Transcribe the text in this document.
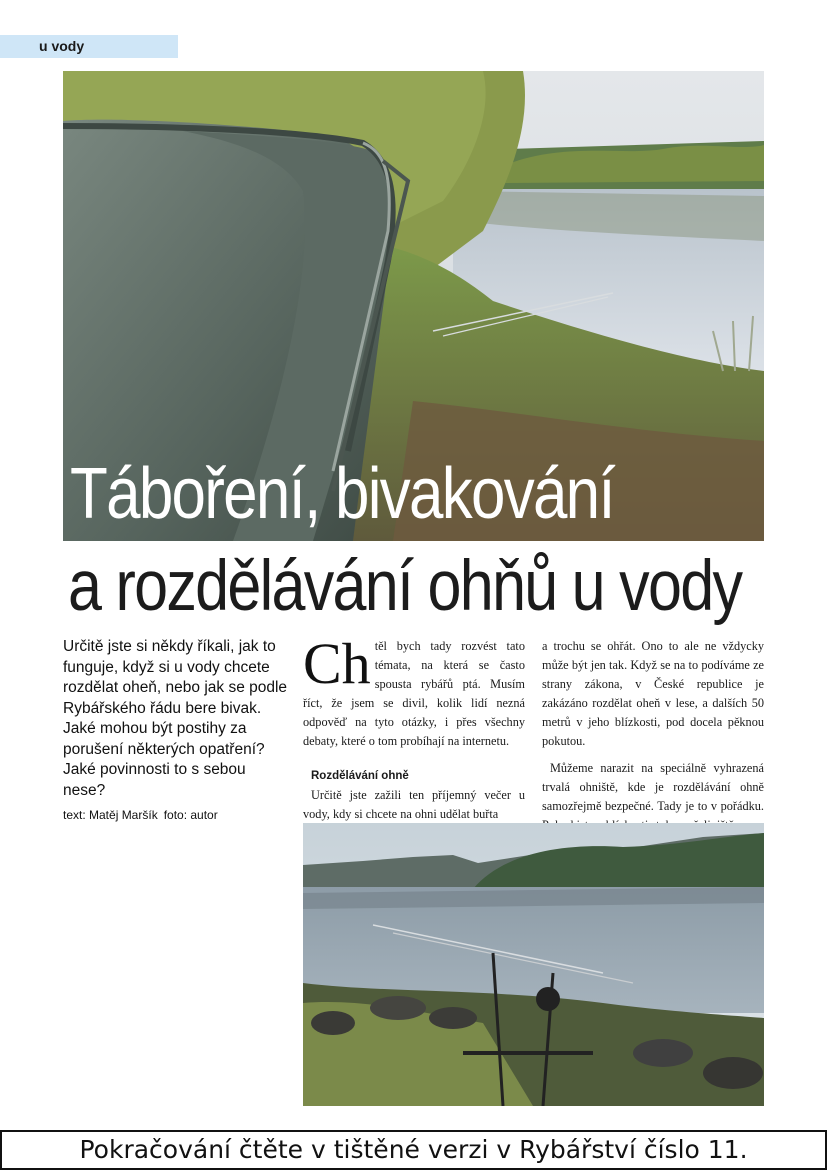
u vody
Táboření, bivakování
a rozdělávání ohňů u vody
Určitě jste si někdy říkali, jak to funguje, když si u vody chcete rozdělat oheň, nebo jak se podle Rybářského řádu bere bivak. Jaké mohou být postihy za porušení některých opatření? Jaké povinnosti to s sebou nese?
text: Matěj Maršík foto: autor

Ch těl bych tady rozvést tato témata, na která se často spousta rybářů ptá. Musím říct, že jsem se divil, kolik lidí nezná odpověď na tyto otázky, i přes všechny debaty, které o tom probíhají na internetu.

Rozdělávání ohně

Určitě jste zažili ten příjemný večer u vody, kdy si chcete na ohni udělat buřta

a trochu se ohřát. Ono to ale ne vždycky může být jen tak. Když se na to podíváme ze strany zákona, v České republice je zakázáno rozdělat oheň v lese, a dalších 50 metrů v jeho blízkosti, pod docela pěknou pokutou.

Můžeme narazit na speciálně vyhrazená trvalá ohniště, kde je rozdělávání ohně samozřejmě bezpečné. Tady je to v pořádku.

Pokračování čtěte v tištěné verzi v Rybářství číslo 11.
